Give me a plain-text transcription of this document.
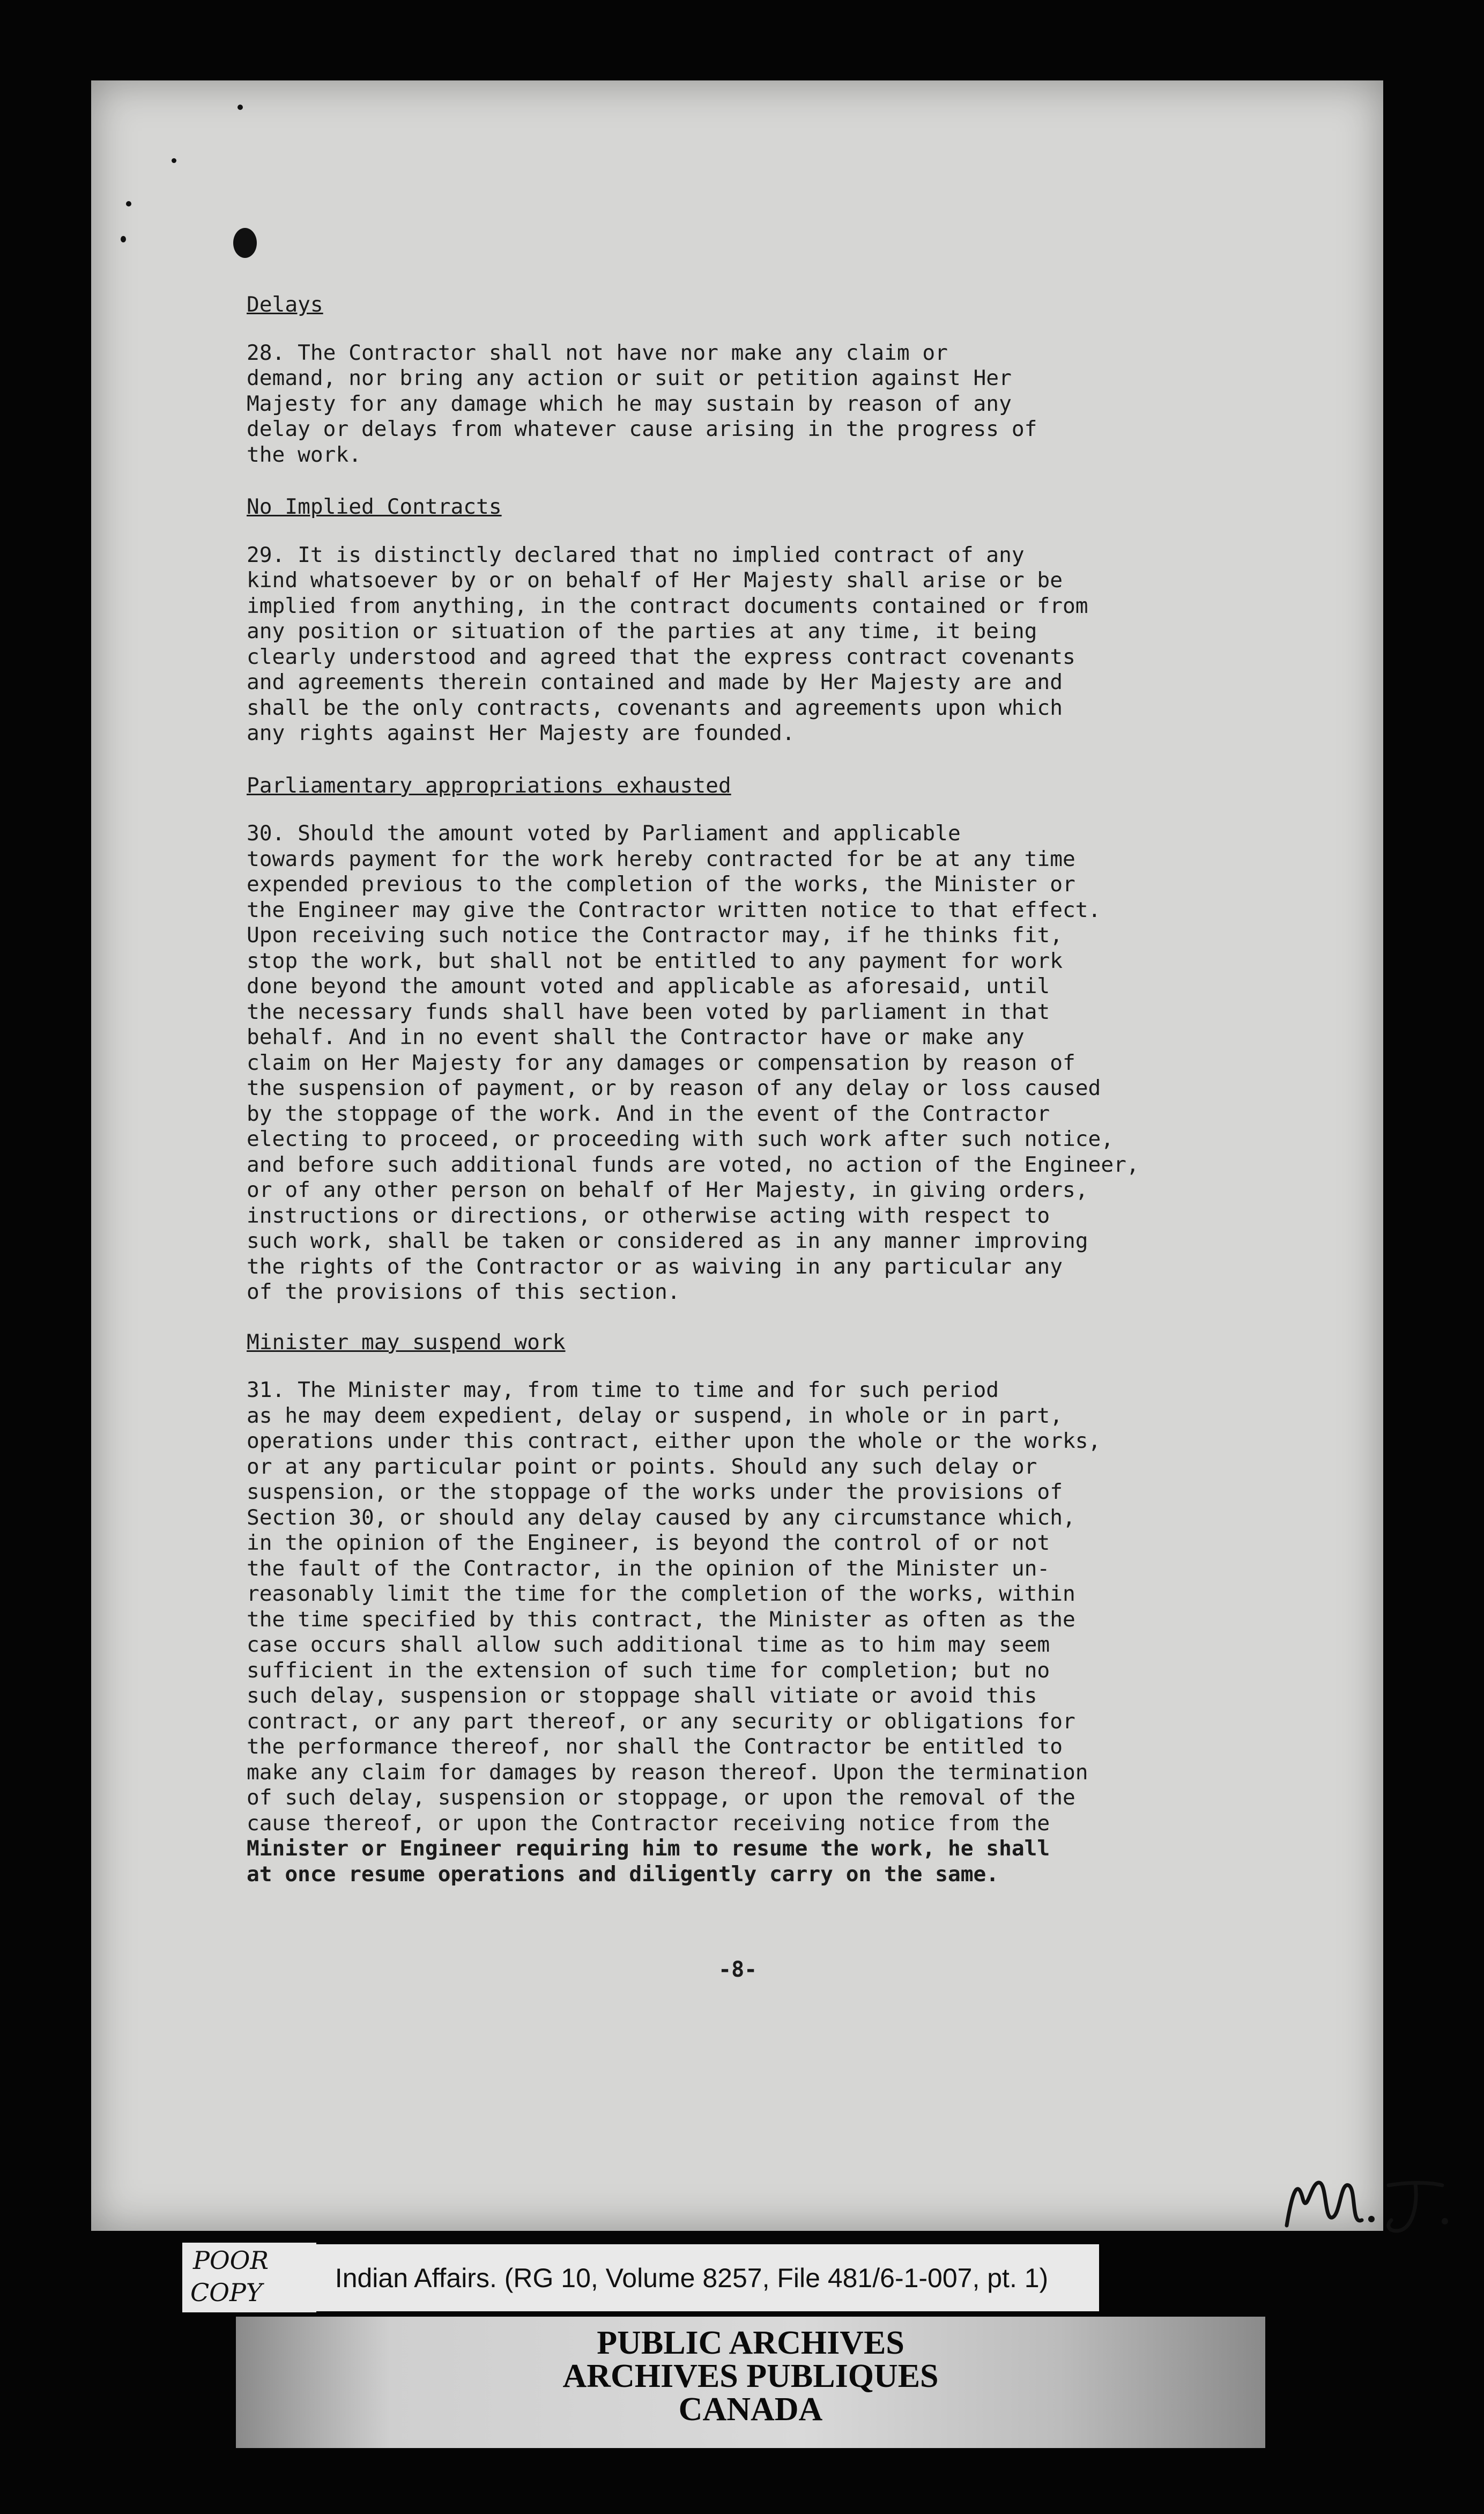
Delays

28. The Contractor shall not have nor make any claim or
demand, nor bring any action or suit or petition against Her
Majesty for any damage which he may sustain by reason of any
delay or delays from whatever cause arising in the progress of
the work.

No Implied Contracts

29. It is distinctly declared that no implied contract of any
kind whatsoever by or on behalf of Her Majesty shall arise or be
implied from anything, in the contract documents contained or from
any position or situation of the parties at any time, it being
clearly understood and agreed that the express contract covenants
and agreements therein contained and made by Her Majesty are and
shall be the only contracts, covenants and agreements upon which
any rights against Her Majesty are founded.

Parliamentary appropriations exhausted

30. Should the amount voted by Parliament and applicable
towards payment for the work hereby contracted for be at any time
expended previous to the completion of the works, the Minister or
the Engineer may give the Contractor written notice to that effect.
Upon receiving such notice the Contractor may, if he thinks fit,
stop the work, but shall not be entitled to any payment for work
done beyond the amount voted and applicable as aforesaid, until
the necessary funds shall have been voted by parliament in that
behalf. And in no event shall the Contractor have or make any
claim on Her Majesty for any damages or compensation by reason of
the suspension of payment, or by reason of any delay or loss caused
by the stoppage of the work. And in the event of the Contractor
electing to proceed, or proceeding with such work after such notice,
and before such additional funds are voted, no action of the Engineer,
or of any other person on behalf of Her Majesty, in giving orders,
instructions or directions, or otherwise acting with respect to
such work, shall be taken or considered as in any manner improving
the rights of the Contractor or as waiving in any particular any
of the provisions of this section.

Minister may suspend work

31. The Minister may, from time to time and for such period
as he may deem expedient, delay or suspend, in whole or in part,
operations under this contract, either upon the whole or the works,
or at any particular point or points. Should any such delay or
suspension, or the stoppage of the works under the provisions of
Section 30, or should any delay caused by any circumstance which,
in the opinion of the Engineer, is beyond the control of or not
the fault of the Contractor, in the opinion of the Minister un-
reasonably limit the time for the completion of the works, within
the time specified by this contract, the Minister as often as the
case occurs shall allow such additional time as to him may seem
sufficient in the extension of such time for completion; but no
such delay, suspension or stoppage shall vitiate or avoid this
contract, or any part thereof, or any security or obligations for
the performance thereof, nor shall the Contractor be entitled to
make any claim for damages by reason thereof. Upon the termination
of such delay, suspension or stoppage, or upon the removal of the
cause thereof, or upon the Contractor receiving notice from the

Minister or Engineer requiring him to resume the work, he shall
at once resume operations and diligently carry on the same.

-8-
POOR
COPY	Indian Affairs. (RG 10, Volume 8257, File 481/6-1-007, pt. 1)
PUBLIC ARCHIVES
ARCHIVES PUBLIQUES
CANADA
